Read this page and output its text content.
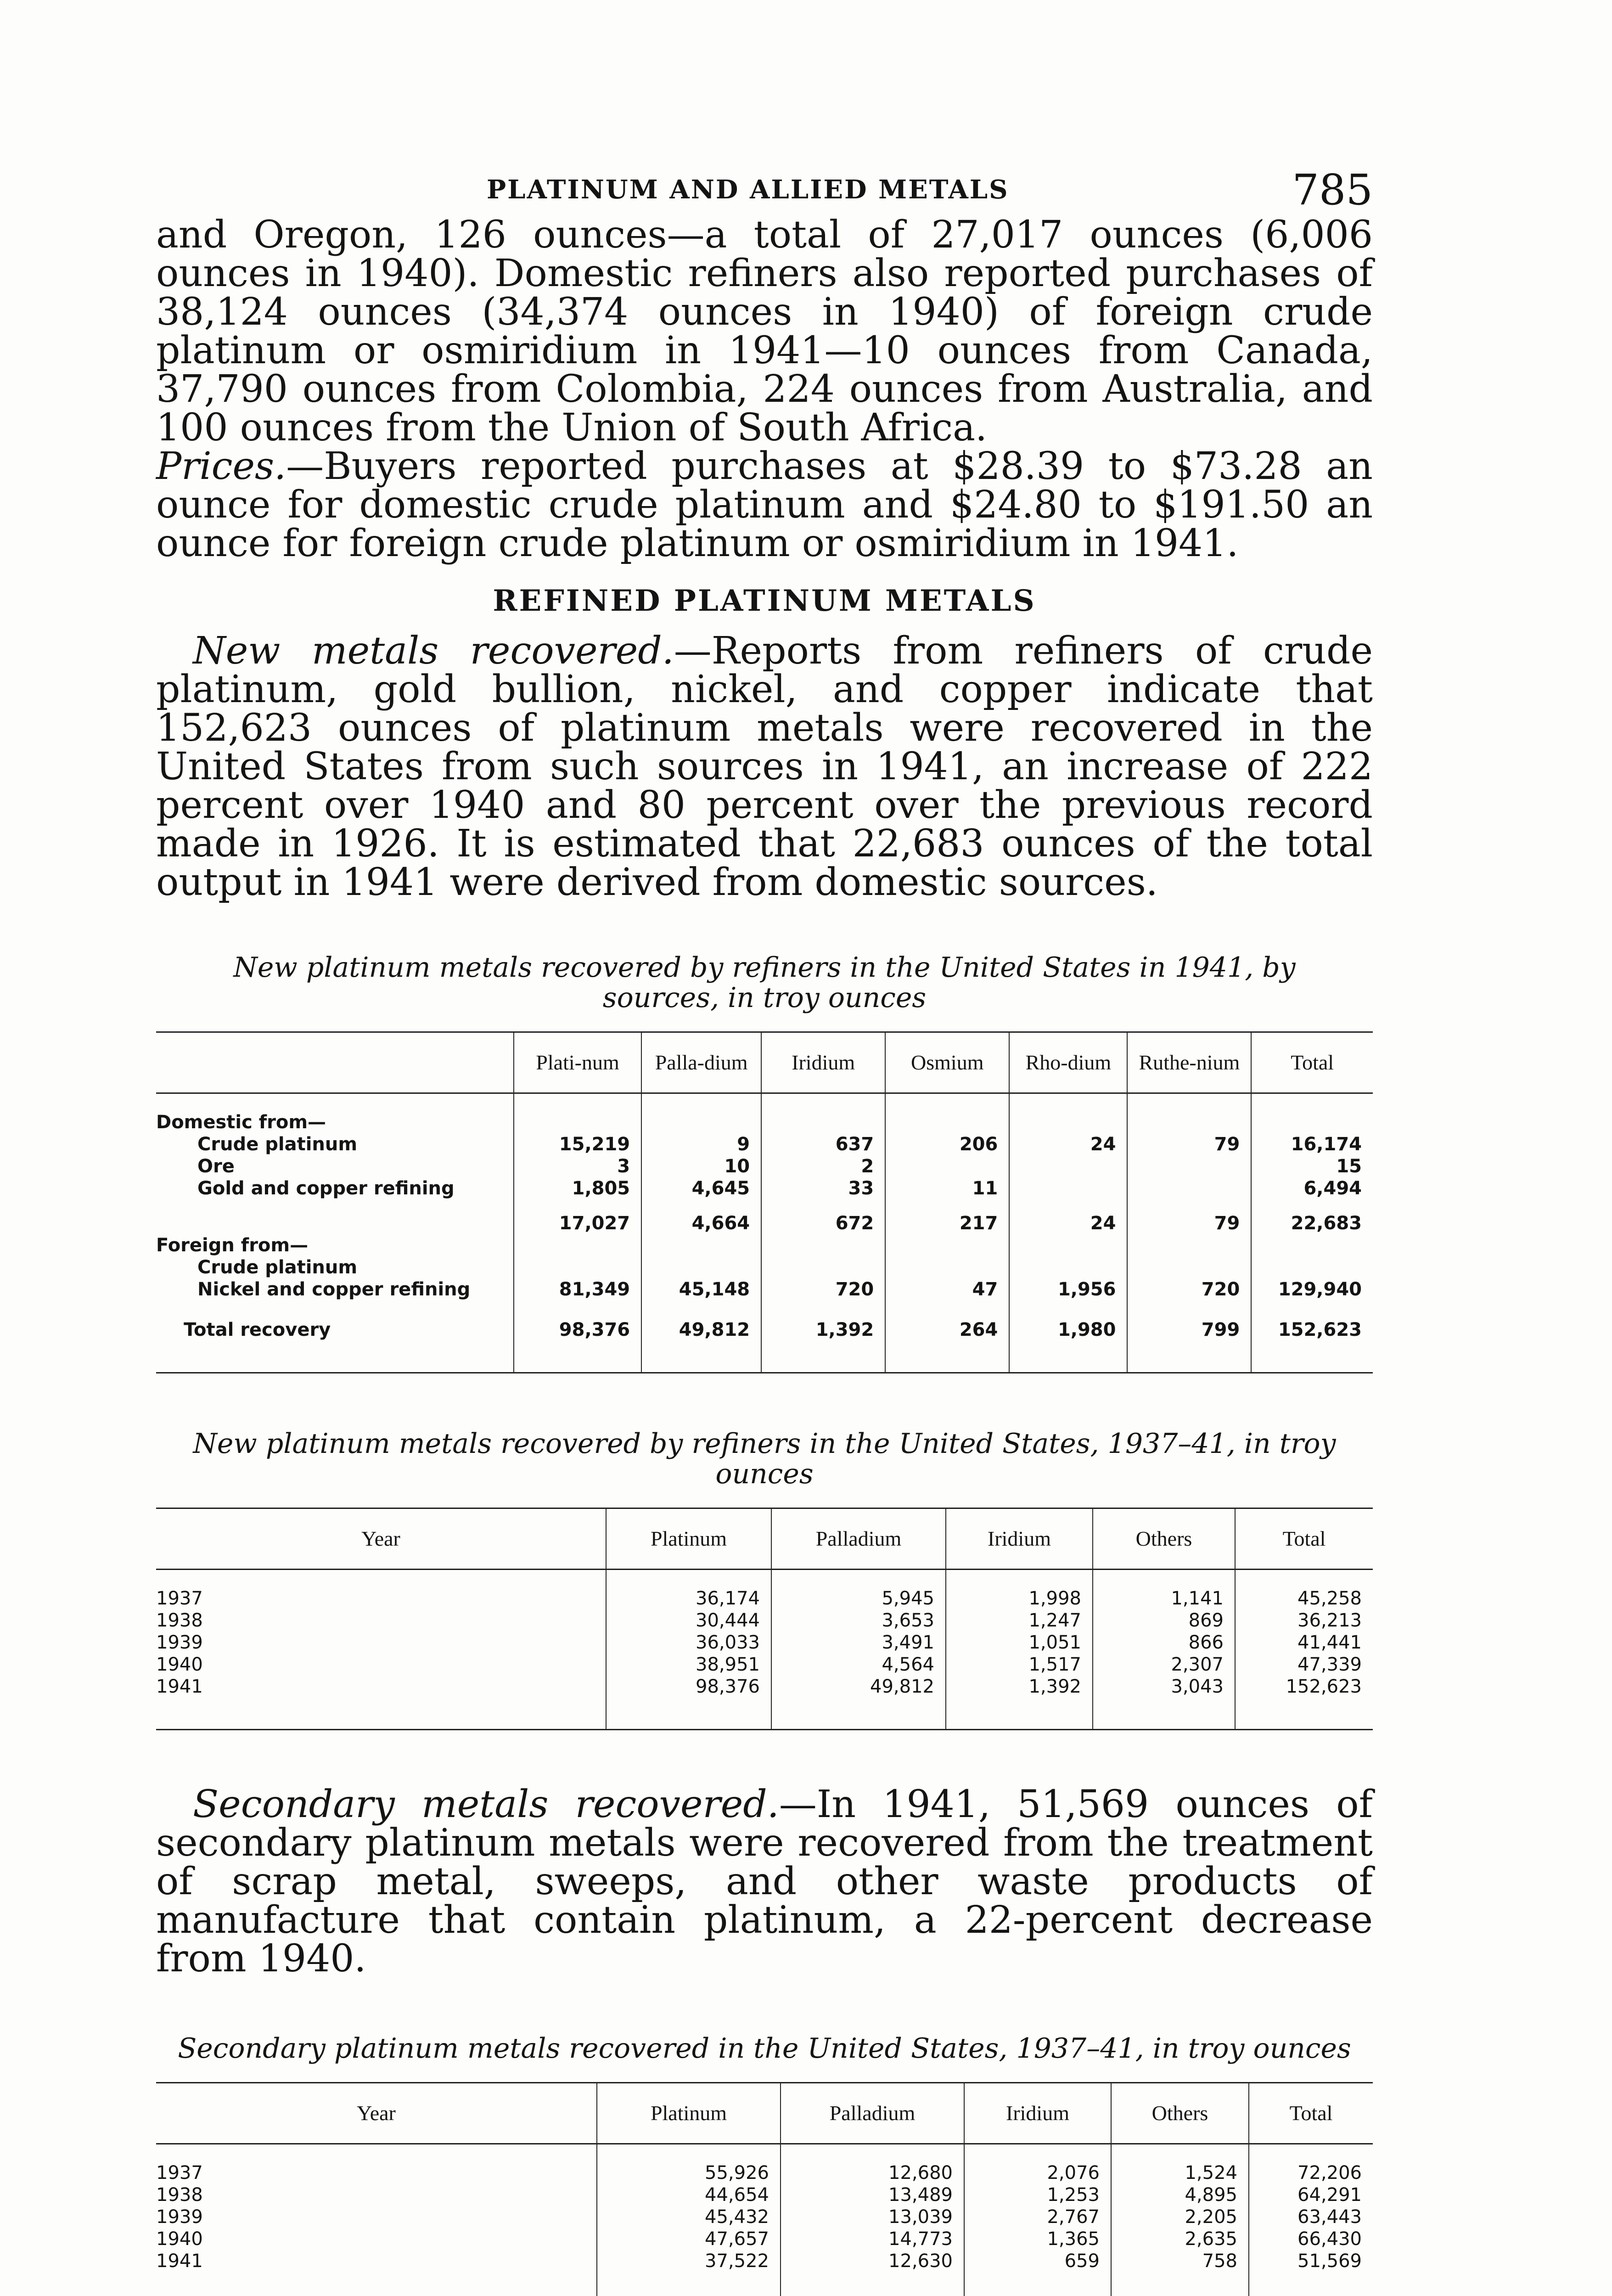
PLATINUM AND ALLIED METALS	785

and Oregon, 126 ounces—a total of 27,017 ounces (6,006 ounces in 1940). Domestic refiners also reported purchases of 38,124 ounces (34,374 ounces in 1940) of foreign crude platinum or osmiridium in 1941—10 ounces from Canada, 37,790 ounces from Colombia, 224 ounces from Australia, and 100 ounces from the Union of South Africa.

Prices.—Buyers reported purchases at $28.39 to $73.28 an ounce for domestic crude platinum and $24.80 to $191.50 an ounce for foreign crude platinum or osmiridium in 1941.

REFINED PLATINUM METALS

New metals recovered.—Reports from refiners of crude platinum, gold bullion, nickel, and copper indicate that 152,623 ounces of platinum metals were recovered in the United States from such sources in 1941, an increase of 222 percent over 1940 and 80 percent over the previous record made in 1926. It is estimated that 22,683 ounces of the total output in 1941 were derived from domestic sources.

New platinum metals recovered by refiners in the United States in 1941, by sources, in troy ounces
	Plati-num	Palla-dium	Iridium	Osmium	Rho-dium	Ruthe-nium	Total
Domestic from—							
Crude platinum	15,219	9	637	206	24	79	16,174
Ore	3	10	2				15
Gold and copper refining	1,805	4,645	33	11			6,494
	17,027	4,664	672	217	24	79	22,683
Foreign from—							
Crude platinum							
Nickel and copper refining	81,349	45,148	720	47	1,956	720	129,940
Total recovery	98,376	49,812	1,392	264	1,980	799	152,623
New platinum metals recovered by refiners in the United States, 1937–41, in troy ounces
Year	Platinum	Palladium	Iridium	Others	Total
1937	36,174	5,945	1,998	1,141	45,258
1938	30,444	3,653	1,247	869	36,213
1939	36,033	3,491	1,051	866	41,441
1940	38,951	4,564	1,517	2,307	47,339
1941	98,376	49,812	1,392	3,043	152,623

Secondary metals recovered.—In 1941, 51,569 ounces of secondary platinum metals were recovered from the treatment of scrap metal, sweeps, and other waste products of manufacture that contain platinum, a 22-percent decrease from 1940.

Secondary platinum metals recovered in the United States, 1937–41, in troy ounces
Year	Platinum	Palladium	Iridium	Others	Total
1937	55,926	12,680	2,076	1,524	72,206
1938	44,654	13,489	1,253	4,895	64,291
1939	45,432	13,039	2,767	2,205	63,443
1940	47,657	14,773	1,365	2,635	66,430
1941	37,522	12,630	659	758	51,569
